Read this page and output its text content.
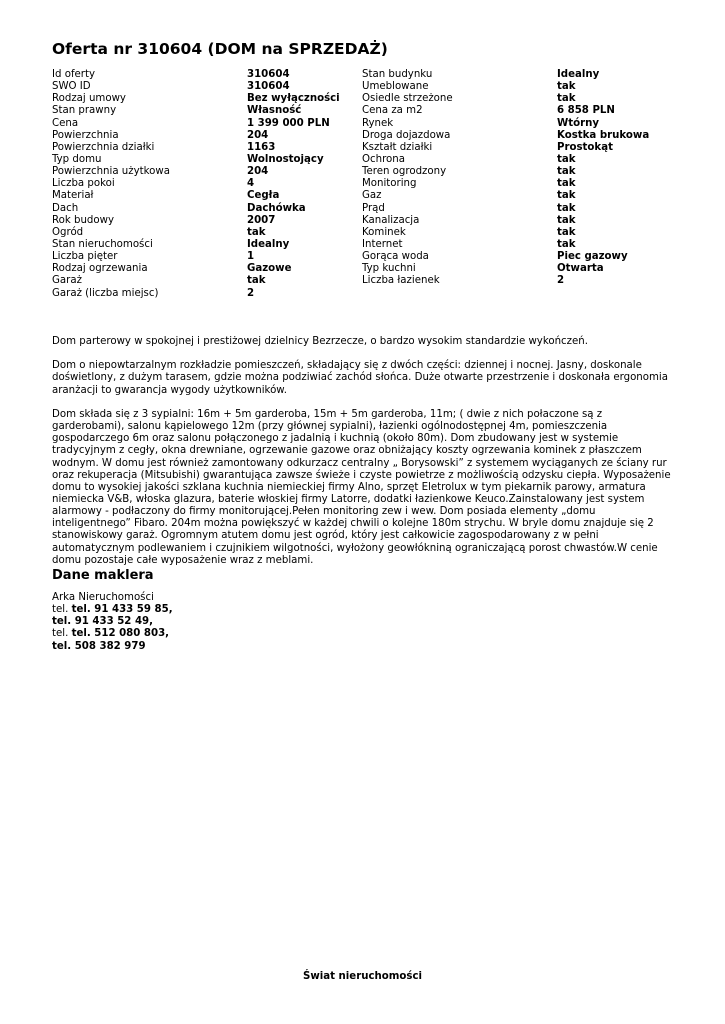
Oferta nr 310604 (DOM na SPRZEDAŻ)
Id oferty	310604	Stan budynku	Idealny
SWO ID	310604	Umeblowane	tak
Rodzaj umowy	Bez wyłączności	Osiedle strzeżone	tak
Stan prawny	Własność	Cena za m2	6 858 PLN
Cena	1 399 000 PLN	Rynek	Wtórny
Powierzchnia	204	Droga dojazdowa	Kostka brukowa
Powierzchnia działki	1163	Kształt działki	Prostokąt
Typ domu	Wolnostojący	Ochrona	tak
Powierzchnia użytkowa	204	Teren ogrodzony	tak
Liczba pokoi	4	Monitoring	tak
Materiał	Cegła	Gaz	tak
Dach	Dachówka	Prąd	tak
Rok budowy	2007	Kanalizacja	tak
Ogród	tak	Kominek	tak
Stan nieruchomości	Idealny	Internet	tak
Liczba pięter	1	Gorąca woda	Piec gazowy
Rodzaj ogrzewania	Gazowe	Typ kuchni	Otwarta
Garaż	tak	Liczba łazienek	2
Garaż (liczba miejsc)	2

Dom parterowy w spokojnej i prestiżowej dzielnicy Bezrzecze, o bardzo wysokim standardzie wykończeń.

Dom o niepowtarzalnym rozkładzie pomieszczeń, składający się z dwóch części: dziennej i nocnej. Jasny, doskonale doświetlony, z dużym tarasem, gdzie można podziwiać zachód słońca. Duże otwarte przestrzenie i doskonała ergonomia aranżacji to gwarancja wygody użytkowników.

Dom składa się z 3 sypialni: 16m + 5m garderoba, 15m + 5m garderoba, 11m; ( dwie z nich połaczone są z garderobami), salonu kąpielowego 12m (przy głównej sypialni), łazienki ogólnodostępnej 4m, pomieszczenia gospodarczego 6m oraz salonu połączonego z jadalnią i kuchnią (około 80m). Dom zbudowany jest w systemie tradycyjnym z cegły, okna drewniane, ogrzewanie gazowe oraz obniżający koszty ogrzewania kominek z płaszczem wodnym. W domu jest również zamontowany odkurzacz centralny „ Borysowski” z systemem wyciąganych ze ściany rur oraz rekuperacja (Mitsubishi) gwarantująca zawsze świeże i czyste powietrze z możliwością odzysku ciepła. Wyposażenie domu to wysokiej jakości szklana kuchnia niemieckiej firmy Alno, sprzęt Eletrolux w tym piekarnik parowy, armatura niemiecka V&B, włoska glazura, baterie włoskiej firmy Latorre, dodatki łazienkowe Keuco.Zainstalowany jest system alarmowy - podłaczony do firmy monitorującej.Pełen monitoring zew i wew. Dom posiada elementy „domu inteligentnego” Fibaro. 204m można powiększyć w każdej chwili o kolejne 180m strychu. W bryle domu znajduje się 2 stanowiskowy garaż. Ogromnym atutem domu jest ogród, który jest całkowicie zagospodarowany z w pełni automatycznym podlewaniem i czujnikiem wilgotności, wyłożony geowłókniną ograniczającą porost chwastów.W cenie domu pozostaje całe wyposażenie wraz z meblami.

Dane maklera
Arka Nieruchomości
tel. tel. 91 433 59 85,
tel. 91 433 52 49,
tel. tel. 512 080 803,
tel. 508 382 979
Świat nieruchomości
